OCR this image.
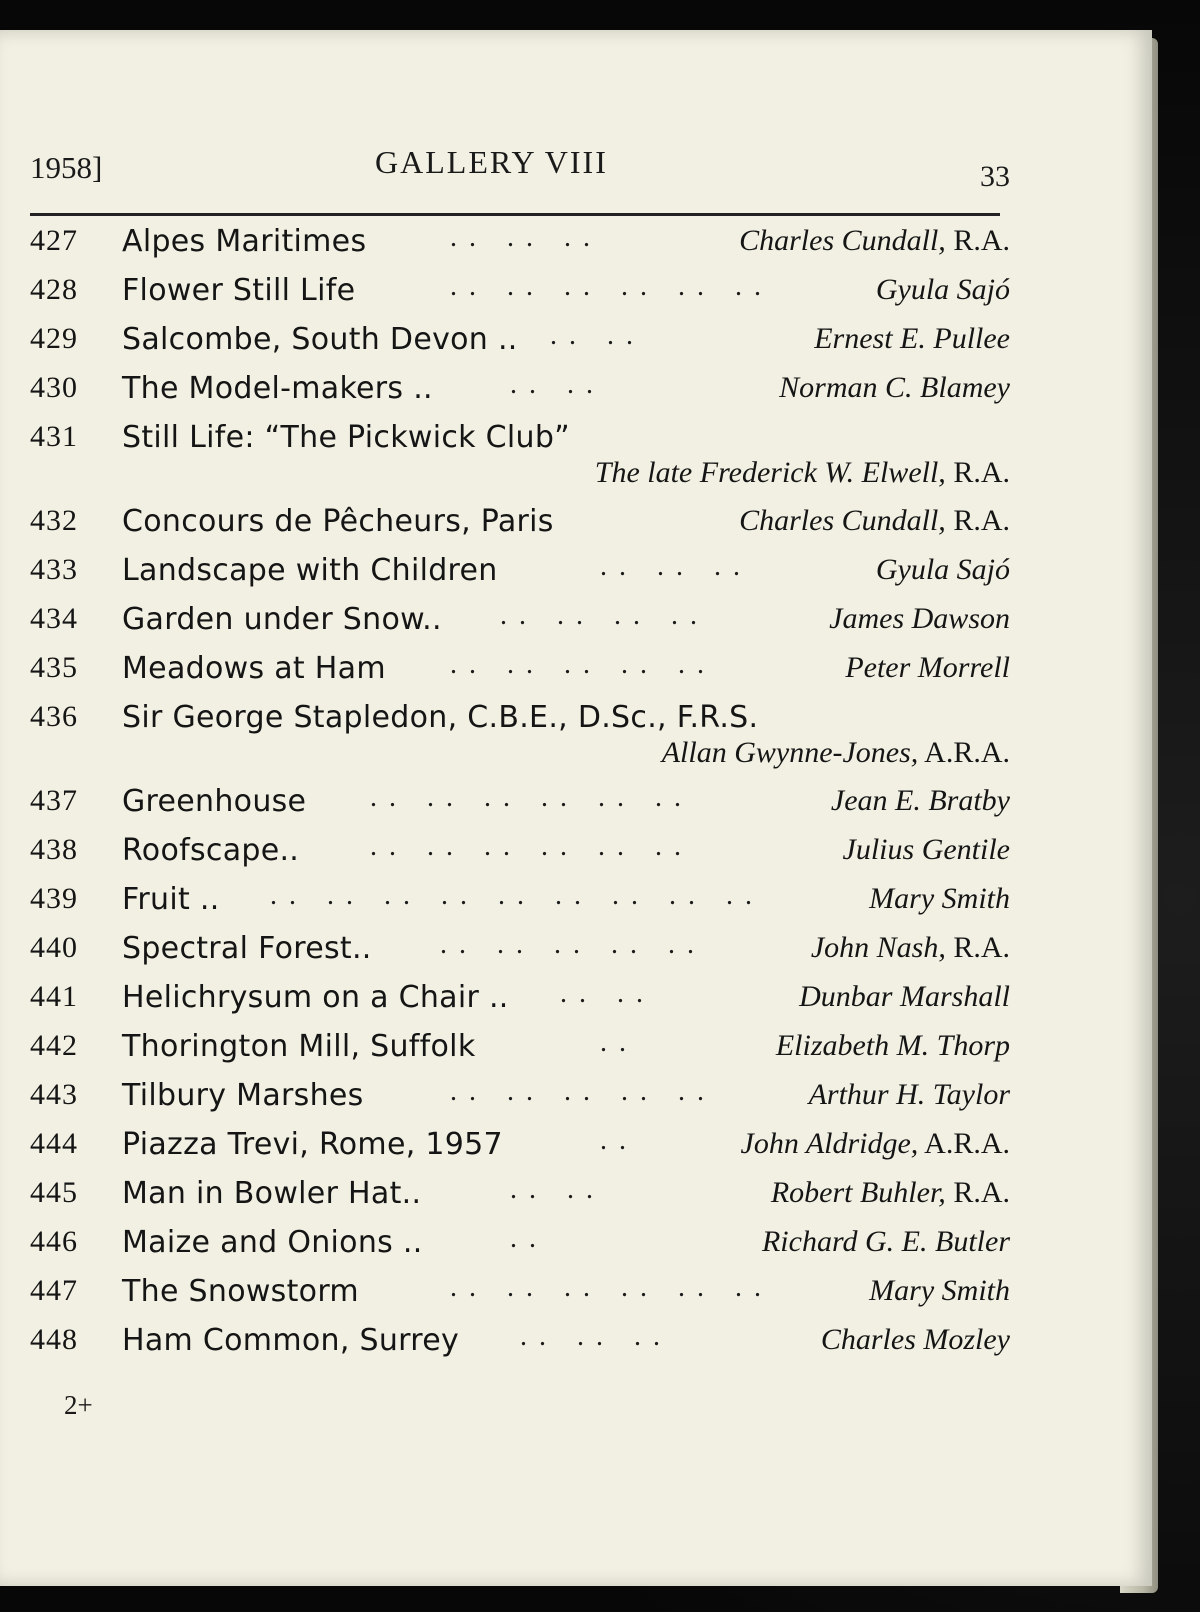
1958]	GALLERY VIII	33
427	Alpes Maritimes	.. .. ..	Charles Cundall, R.A.
428	Flower Still Life	.. .. .. .. .. ..	Gyula Sajó
429	Salcombe, South Devon .. .. ..	Ernest E. Pullee
430	The Model-makers ..	.. ..	Norman C. Blamey
431	Still Life: “The Pickwick Club”
The late Frederick W. Elwell, R.A.
432	Concours de Pêcheurs, Paris	Charles Cundall, R.A.
433	Landscape with Children	.. .. ..	Gyula Sajó
434	Garden under Snow.. .. .. .. ..	James Dawson
435	Meadows at Ham .. .. .. .. ..	Peter Morrell
436	Sir George Stapledon, C.B.E., D.Sc., F.R.S.
Allan Gwynne-Jones, A.R.A.
437	Greenhouse .. .. .. .. .. ..	Jean E. Bratby
438	Roofscape..	.. .. .. .. .. ..	Julius Gentile
439	Fruit .. .. .. .. .. .. .. .. .. ..	Mary Smith
440	Spectral Forest.. .. .. .. .. ..	John Nash, R.A.
441	Helichrysum on a Chair .. .. ..	Dunbar Marshall
442	Thorington Mill, Suffolk	..	Elizabeth M. Thorp
443	Tilbury Marshes	.. .. .. .. ..	Arthur H. Taylor
444	Piazza Trevi, Rome, 1957	..	John Aldridge, A.R.A.
445	Man in Bowler Hat..	.. ..	Robert Buhler, R.A.
446	Maize and Onions ..	..	Richard G. E. Butler
447	The Snowstorm	.. .. .. .. .. ..	Mary Smith
448	Ham Common, Surrey .. .. ..	Charles Mozley
2+
